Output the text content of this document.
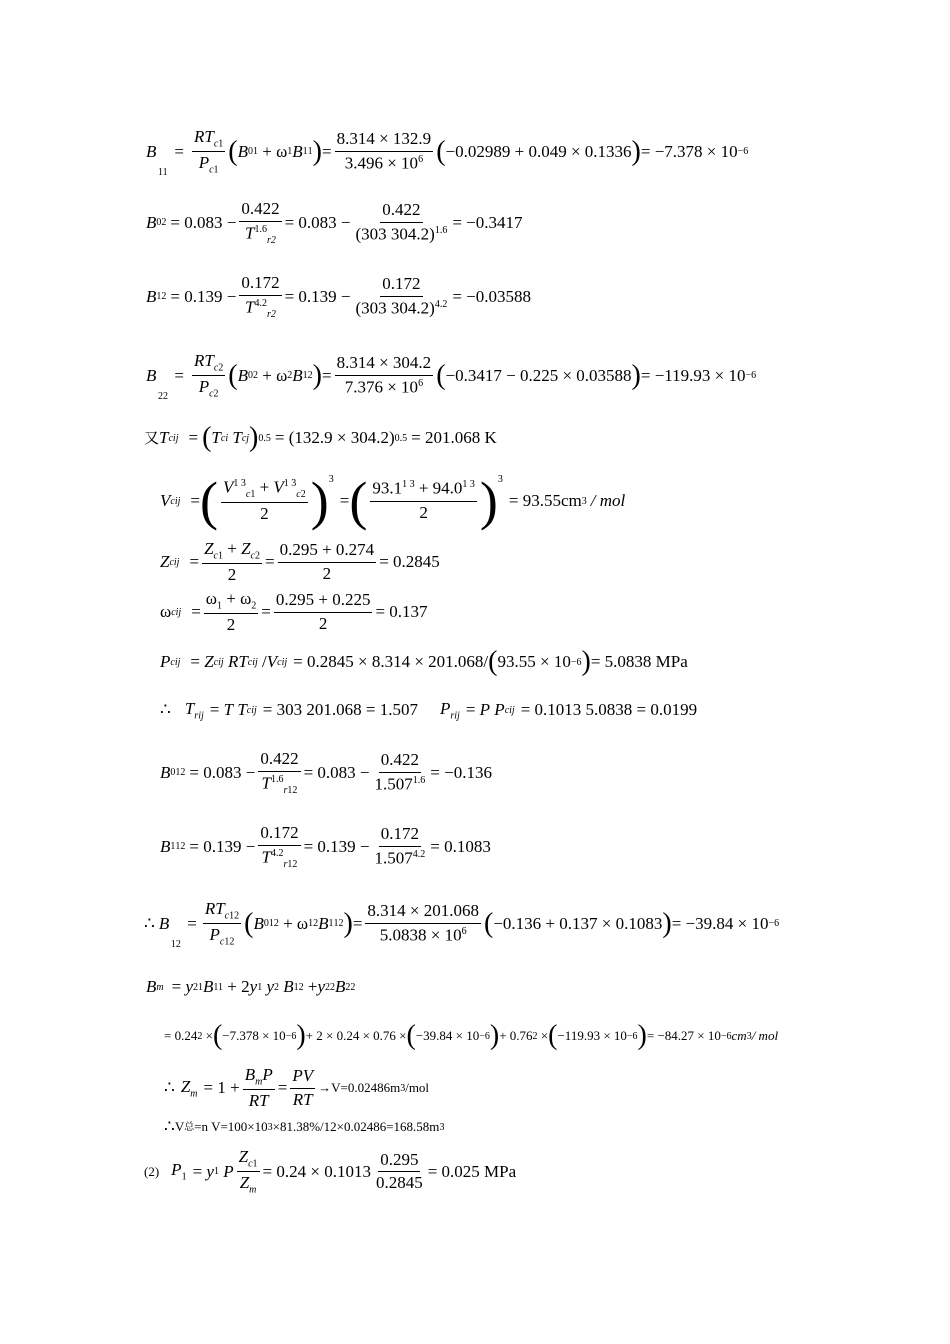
B
11
= $\frac{RT_{c1}}{P_{c1}}$ ( B 0 1 + ω 1 B 1 1 ) = $\frac{8.314 \times 132.9}{3.496 \times 10^6}$ ( −0.02989 + 0.049 × 0.1336 ) = −7.378 × 10 −6
B 0 $2 = 0.083 - \frac{0.422}{T^{1.6}_{r2}} = 0.083 - \frac{0.422}{(303 304.2)^{1.6}} = -0.3417$
B 1 $2 = 0.139 - \frac{0.172}{T^{4.2}_{r2}} = 0.139 - \frac{0.172}{(303 304.2)^{4.2}} = -0.03588$
B
22
= $\frac{RT_{c2}}{P_{c2}}$ ( B 0 2 + ω 2 B 1 2 ) = $\frac{8.314 \times 304.2}{7.376 \times 10^6}$ ( −0.3417 − 0.225 × 0.03588 ) = −119.93 × 10 −6
又 T cij = ( T ci
T cj ) 0.5 = (132.9 × 304.2) 0.5 = 201.068 K
V cij = ( $\frac{V^{1 3}_{c1} + V^{1 3}_{c2}}{2} )^3$
= ( $\frac{93.1^{1 3} + 94.0^{1 3}}{2} )^3$
= 93.55cm 3 / mol
Z cij = $\frac{Z_{c1} + Z_{c2}}{2} = \frac{0.295 + 0.274}{2} = 0.2845$
ω cij = $\frac{\omega_1 + \omega_2}{2} = \frac{0.295 + 0.225}{2} = 0.137$
P cij =
Z cij
RT cij / V cij = 0.2845 × 8.314 × 201.068/ ( 93.55 × 10 −6 ) = 5.0838 MPa
∴ $T_{rij}$ =
T
T cij = 303 201.068 = 1.507 $P_{rij}$ =
P
P cij = 0.1013 5.0838 = 0.0199
B 0 $12 = 0.083 - \frac{0.422}{T^{1.6}_{r12}} = 0.083 - \frac{0.422}{1.507^{1.6}} = -0.136$
B 1 $12 = 0.139 - \frac{0.172}{T^{4.2}_{r12}} = 0.139 - \frac{0.172}{1.507^{4.2}} = 0.1083$
∴ B
12
= $\frac{RT_{c12}}{P_{c12}}$ ( B 0 12 + ω 12 B 1 12 ) = $\frac{8.314 \times 201.068}{5.0838 \times 10^6}$ ( −0.136 + 0.137 × 0.1083 ) = −39.84 × 10 −6
B m =
y 2 1 B 11 + 2 y 1
y 2
B 12 + y 2 2 B 22
= 0.24 2 × ( −7.378 × 10 −6 ) + 2 × 0.24 × 0.76 × ( −39.84 × 10 −6 ) + 0.76 2 × ( −119.93 × 10 −6 ) = −84.27 × 10 −6 cm 3 / mol
∴ $Z_m = 1 + \frac{B_mP}{RT} = \frac{PV}{RT} \to V=0.02486m$ 3 /mol
∴ V 总 =n V=100×10 3 ×81.38%/12×0.02486=168.58m 3
(2) $P_1$ =
y 1
P $\frac{Z_{c1}}{Z_m} = 0.24 \times 0.1013 \frac{0.295}{0.2845} = 0.025$ MPa
